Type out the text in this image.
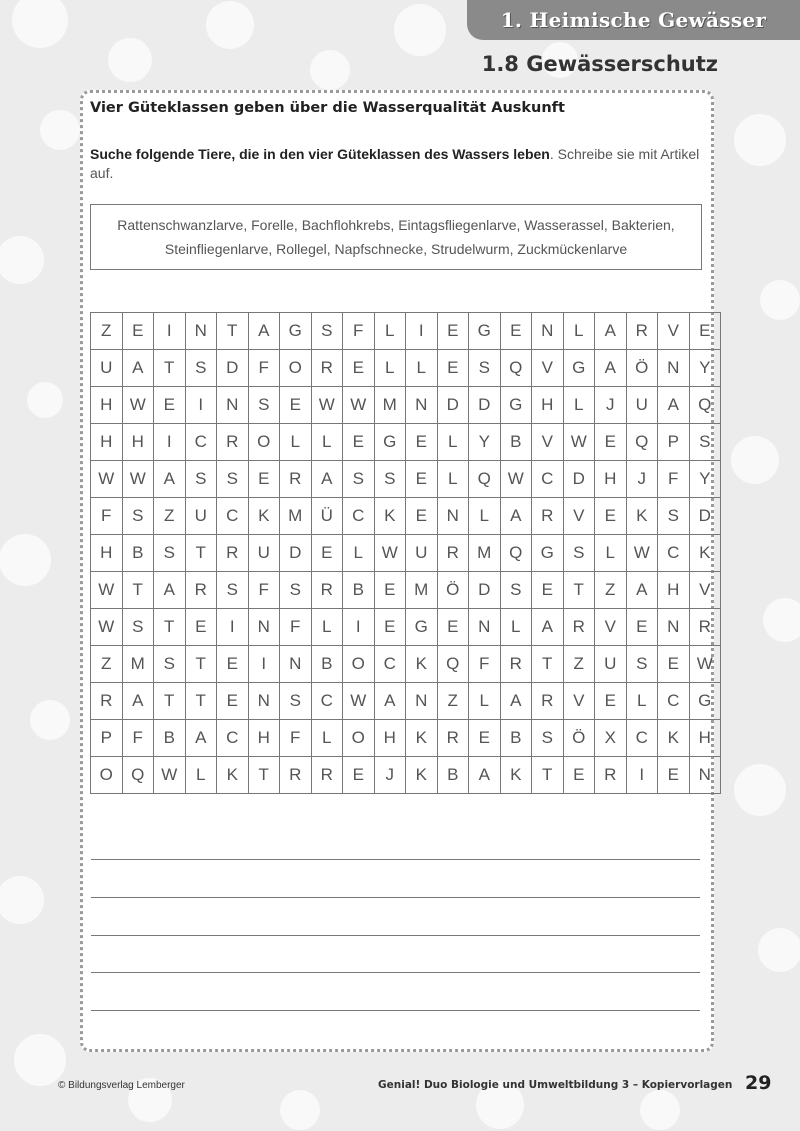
1. Heimische Gewässer
1.8 Gewässerschutz
Vier Güteklassen geben über die Wasserqualität Auskunft
Suche folgende Tiere, die in den vier Güteklassen des Wassers leben. Schreibe sie mit Artikel auf.
Rattenschwanzlarve, Forelle, Bachflohkrebs, Eintagsfliegenlarve, Wasserassel, Bakterien, Steinfliegenlarve, Rollegel, Napfschnecke, Strudelwurm, Zuckmückenlarve
Z	E	I	N	T	A	G	S	F	L	I	E	G	E	N	L	A	R	V	E
U	A	T	S	D	F	O	R	E	L	L	E	S	Q	V	G	A	Ö	N	Y
H	W	E	I	N	S	E	W	W	M	N	D	D	G	H	L	J	U	A	Q
H	H	I	C	R	O	L	L	E	G	E	L	Y	B	V	W	E	Q	P	S
W	W	A	S	S	E	R	A	S	S	E	L	Q	W	C	D	H	J	F	Y
F	S	Z	U	C	K	M	Ü	C	K	E	N	L	A	R	V	E	K	S	D
H	B	S	T	R	U	D	E	L	W	U	R	M	Q	G	S	L	W	C	K
W	T	A	R	S	F	S	R	B	E	M	Ö	D	S	E	T	Z	A	H	V
W	S	T	E	I	N	F	L	I	E	G	E	N	L	A	R	V	E	N	R
Z	M	S	T	E	I	N	B	O	C	K	Q	F	R	T	Z	U	S	E	W
R	A	T	T	E	N	S	C	W	A	N	Z	L	A	R	V	E	L	C	G
P	F	B	A	C	H	F	L	O	H	K	R	E	B	S	Ö	X	C	K	H
O	Q	W	L	K	T	R	R	E	J	K	B	A	K	T	E	R	I	E	N
© Bildungsverlag Lemberger	Genial! Duo Biologie und Umweltbildung 3 – Kopiervorlagen 29
